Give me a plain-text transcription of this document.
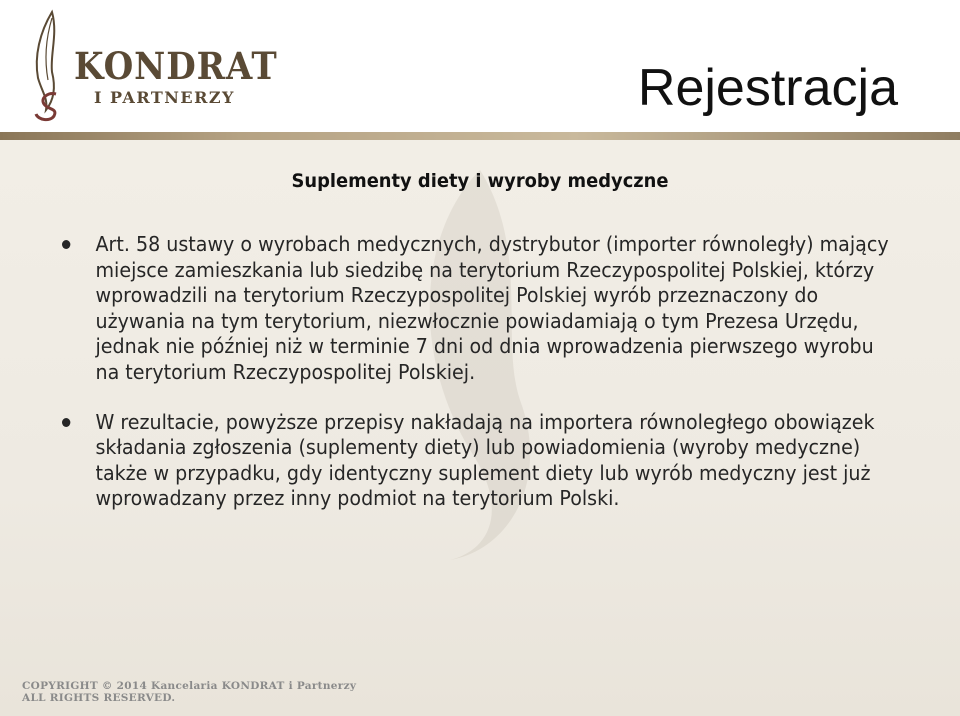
KONDRAT
I PARTNERZY	Rejestracja
Suplementy diety i wyroby medyczne
Art. 58 ustawy o wyrobach medycznych, dystrybutor (importer równoległy) mający miejsce zamieszkania lub siedzibę na terytorium Rzeczypospolitej Polskiej, którzy wprowadzili na terytorium Rzeczypospolitej Polskiej wyrób przeznaczony do używania na tym terytorium, niezwłocznie powiadamiają o tym Prezesa Urzędu, jednak nie później niż w terminie 7 dni od dnia wprowadzenia pierwszego wyrobu na terytorium Rzeczypospolitej Polskiej.
W rezultacie, powyższe przepisy nakładają na importera równoległego obowiązek składania zgłoszenia (suplementy diety) lub powiadomienia (wyroby medyczne) także w przypadku, gdy identyczny suplement diety lub wyrób medyczny jest już wprowadzany przez inny podmiot na terytorium Polski.
COPYRIGHT © 2014 Kancelaria KONDRAT i Partnerzy
ALL RIGHTS RESERVED.
